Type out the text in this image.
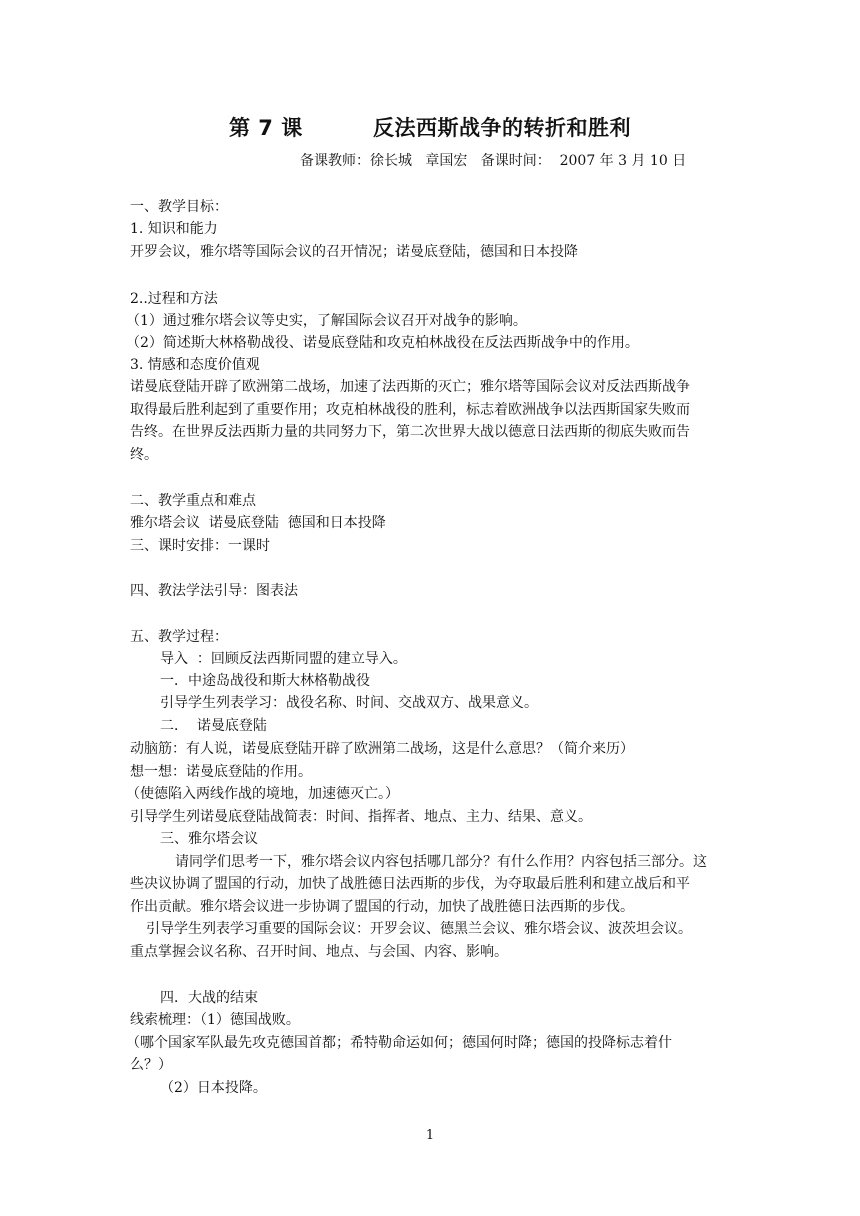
第 7 课         反法西斯战争的转折和胜利
备课教师：徐长城   章国宏   备课时间：  2007 年 3 月 10 日
一、教学目标：
1. 知识和能力
开罗会议，雅尔塔等国际会议的召开情况；诺曼底登陆，德国和日本投降
2..过程和方法
（1）通过雅尔塔会议等史实，了解国际会议召开对战争的影响。
（2）简述斯大林格勒战役、诺曼底登陆和攻克柏林战役在反法西斯战争中的作用。
3. 情感和态度价值观
诺曼底登陆开辟了欧洲第二战场，加速了法西斯的灭亡；雅尔塔等国际会议对反法西斯战争
取得最后胜利起到了重要作用；攻克柏林战役的胜利，标志着欧洲战争以法西斯国家失败而
告终。在世界反法西斯力量的共同努力下，第二次世界大战以德意日法西斯的彻底失败而告
终。
二、教学重点和难点
雅尔塔会议  诺曼底登陆  德国和日本投降
三、课时安排：一课时
四、教法学法引导：图表法
五、教学过程：
导入  ：回顾反法西斯同盟的建立导入。
一．中途岛战役和斯大林格勒战役
引导学生列表学习：战役名称、时间、交战双方、战果意义。
二．  诺曼底登陆
动脑筋：有人说，诺曼底登陆开辟了欧洲第二战场，这是什么意思？（简介来历）
想一想：诺曼底登陆的作用。
（使德陷入两线作战的境地，加速德灭亡。）
引导学生列诺曼底登陆战简表：时间、指挥者、地点、主力、结果、意义。
三、雅尔塔会议
请同学们思考一下，雅尔塔会议内容包括哪几部分？有什么作用？内容包括三部分。这
些决议协调了盟国的行动，加快了战胜德日法西斯的步伐，为夺取最后胜利和建立战后和平
作出贡献。雅尔塔会议进一步协调了盟国的行动，加快了战胜德日法西斯的步伐。
引导学生列表学习重要的国际会议：开罗会议、德黑兰会议、雅尔塔会议、波茨坦会议。
重点掌握会议名称、召开时间、地点、与会国、内容、影响。
四．大战的结束
线索梳理：（1）德国战败。
（哪个国家军队最先攻克德国首都；希特勒命运如何；德国何时降；德国的投降标志着什
么？）
（2）日本投降。
1
